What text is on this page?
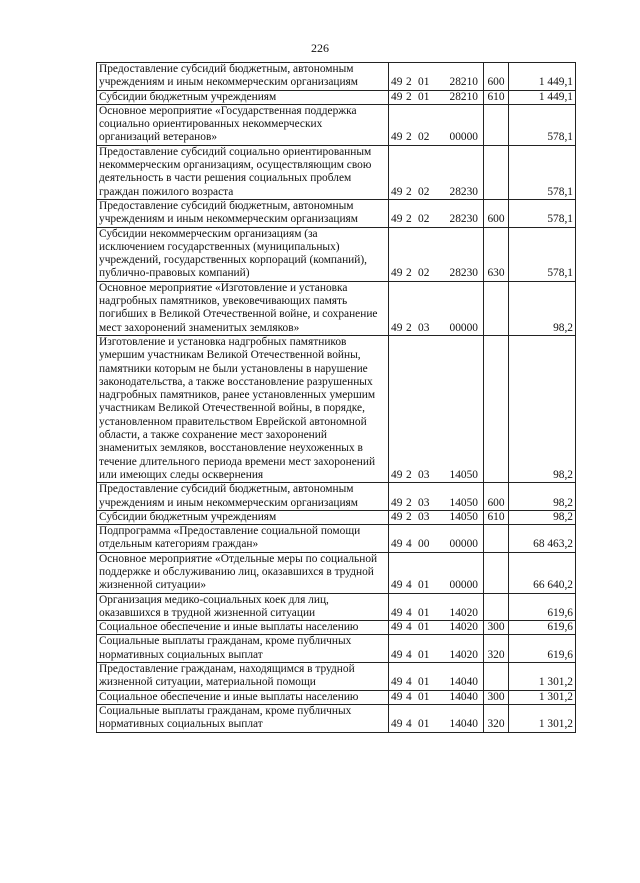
226
Предоставление субсидий бюджетным, автономным учреждениям и иным некоммерческим организациям	49 2 01 28210	600	1 449,1
Субсидии бюджетным учреждениям	49 2 01 28210	610	1 449,1
Основное мероприятие «Государственная поддержка социально ориентированных некоммерческих организаций ветеранов»	49 2 02 00000		578,1
Предоставление субсидий социально ориентированным некоммерческим организациям, осуществляющим свою деятельность в части решения социальных проблем граждан пожилого возраста	49 2 02 28230		578,1
Предоставление субсидий бюджетным, автономным учреждениям и иным некоммерческим организациям	49 2 02 28230	600	578,1
Субсидии некоммерческим организациям (за исключением государственных (муниципальных) учреждений, государственных корпораций (компаний), публично-правовых компаний)	49 2 02 28230	630	578,1
Основное мероприятие «Изготовление и установка надгробных памятников, увековечивающих память погибших в Великой Отечественной войне, и сохранение мест захоронений знаменитых земляков»	49 2 03 00000		98,2
Изготовление и установка надгробных памятников умершим участникам Великой Отечественной войны, памятники которым не были установлены в нарушение законодательства, а также восстановление разрушенных надгробных памятников, ранее установленных умершим участникам Великой Отечественной войны, в порядке, установленном правительством Еврейской автономной области, а также сохранение мест захоронений знаменитых земляков, восстановление неухоженных в течение длительного периода времени мест захоронений или имеющих следы осквернения	49 2 03 14050		98,2
Предоставление субсидий бюджетным, автономным учреждениям и иным некоммерческим организациям	49 2 03 14050	600	98,2
Субсидии бюджетным учреждениям	49 2 03 14050	610	98,2
Подпрограмма «Предоставление социальной помощи отдельным категориям граждан»	49 4 00 00000		68 463,2
Основное мероприятие «Отдельные меры по социальной поддержке и обслуживанию лиц, оказавшихся в трудной жизненной ситуации»	49 4 01 00000		66 640,2
Организация медико-социальных коек для лиц, оказавшихся в трудной жизненной ситуации	49 4 01 14020		619,6
Социальное обеспечение и иные выплаты населению	49 4 01 14020	300	619,6
Социальные выплаты гражданам, кроме публичных нормативных социальных выплат	49 4 01 14020	320	619,6
Предоставление гражданам, находящимся в трудной жизненной ситуации, материальной помощи	49 4 01 14040		1 301,2
Социальное обеспечение и иные выплаты населению	49 4 01 14040	300	1 301,2
Социальные выплаты гражданам, кроме публичных нормативных социальных выплат	49 4 01 14040	320	1 301,2
